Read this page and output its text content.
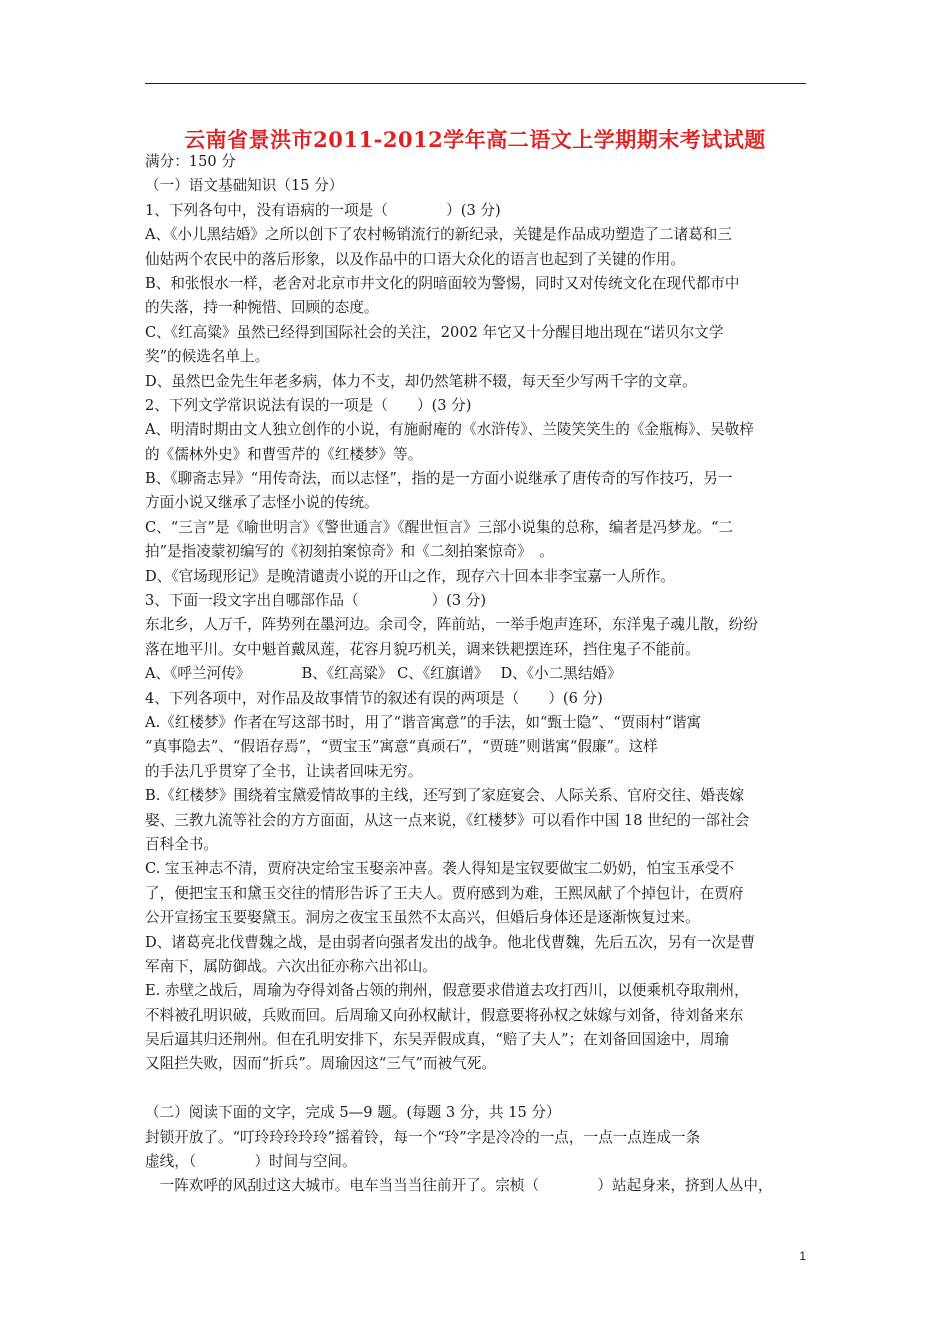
云南省景洪市2011-2012学年高二语文上学期期末考试试题
满分：150 分
（一）语文基础知识（15 分）
1、下列各句中，没有语病的一项是（　　　　）(3 分)
A、《小儿黑结婚》之所以创下了农村畅销流行的新纪录，关键是作品成功塑造了二诸葛和三
仙姑两个农民中的落后形象，以及作品中的口语大众化的语言也起到了关键的作用。
B、和张恨水一样，老舍对北京市井文化的阴暗面较为警惕，同时又对传统文化在现代都市中
的失落，持一种惋惜、回顾的态度。
C、《红高粱》虽然已经得到国际社会的关注，2002 年它又十分醒目地出现在“诺贝尔文学
奖”的候选名单上。
D、虽然巴金先生年老多病，体力不支，却仍然笔耕不辍，每天至少写两千字的文章。
2、下列文学常识说法有误的一项是（　　）(3 分)
A、明清时期由文人独立创作的小说，有施耐庵的《水浒传》、兰陵笑笑生的《金瓶梅》、吴敬梓
的《儒林外史》和曹雪芹的《红楼梦》等。
B、《聊斋志异》“用传奇法，而以志怪”，指的是一方面小说继承了唐传奇的写作技巧，另一
方面小说又继承了志怪小说的传统。
C、“三言”是《喻世明言》《警世通言》《醒世恒言》三部小说集的总称，编者是冯梦龙。“二
拍”是指凌蒙初编写的《初刻拍案惊奇》和《二刻拍案惊奇》　。
D、《官场现形记》是晚清谴责小说的开山之作，现存六十回本非李宝嘉一人所作。
3、下面一段文字出自哪部作品（　　　　　）(3 分)
东北乡，人万千，阵势列在墨河边。余司令，阵前站，一举手炮声连环，东洋鬼子魂儿散，纷纷
落在地平川。女中魁首戴凤莲，花容月貌巧机关，调来铁耙摆连环，挡住鬼子不能前。
A、《呼兰河传》　　　　B、《红高粱》 C、《红旗谱》　 D、《小二黑结婚》
4、下列各项中，对作品及故事情节的叙述有误的两项是（　　）(6 分)
A.《红楼梦》作者在写这部书时，用了“谐音寓意”的手法，如“甄士隐”、“贾雨村”谐寓
“真事隐去”、“假语存焉”，“贾宝玉”寓意“真顽石”，“贾琏”则谐寓“假廉”。这样
的手法几乎贯穿了全书，让读者回味无穷。
B.《红楼梦》围绕着宝黛爱情故事的主线，还写到了家庭宴会、人际关系、官府交往、婚丧嫁
娶、三教九流等社会的方方面面，从这一点来说，《红楼梦》可以看作中国 18 世纪的一部社会
百科全书。
C. 宝玉神志不清，贾府决定给宝玉娶亲冲喜。袭人得知是宝钗要做宝二奶奶，怕宝玉承受不
了，便把宝玉和黛玉交往的情形告诉了王夫人。贾府感到为难，王熙凤献了个掉包计，在贾府
公开宣扬宝玉要娶黛玉。洞房之夜宝玉虽然不太高兴，但婚后身体还是逐渐恢复过来。
D、诸葛亮北伐曹魏之战，是由弱者向强者发出的战争。他北伐曹魏，先后五次，另有一次是曹
军南下，属防御战。六次出征亦称六出祁山。
E. 赤壁之战后，周瑜为夺得刘备占领的荆州，假意要求借道去攻打西川，以便乘机夺取荆州，
不料被孔明识破，兵败而回。后周瑜又向孙权献计，假意要将孙权之妹嫁与刘备，待刘备来东
吴后逼其归还荆州。但在孔明安排下，东吴弄假成真，“赔了夫人”；在刘备回国途中，周瑜
又阻拦失败，因而“折兵”。周瑜因这“三气”而被气死。
（二）阅读下面的文字，完成 5—9 题。(每题 3 分，共 15 分）
封锁开放了。“叮玲玲玲玲玲”摇着铃，每一个“玲”字是冷冷的一点，一点一点连成一条
虚线，（　　　　）时间与空间。
　一阵欢呼的风刮过这大城市。电车当当当往前开了。宗桢（　　　　）站起身来，挤到人丛中，
1
